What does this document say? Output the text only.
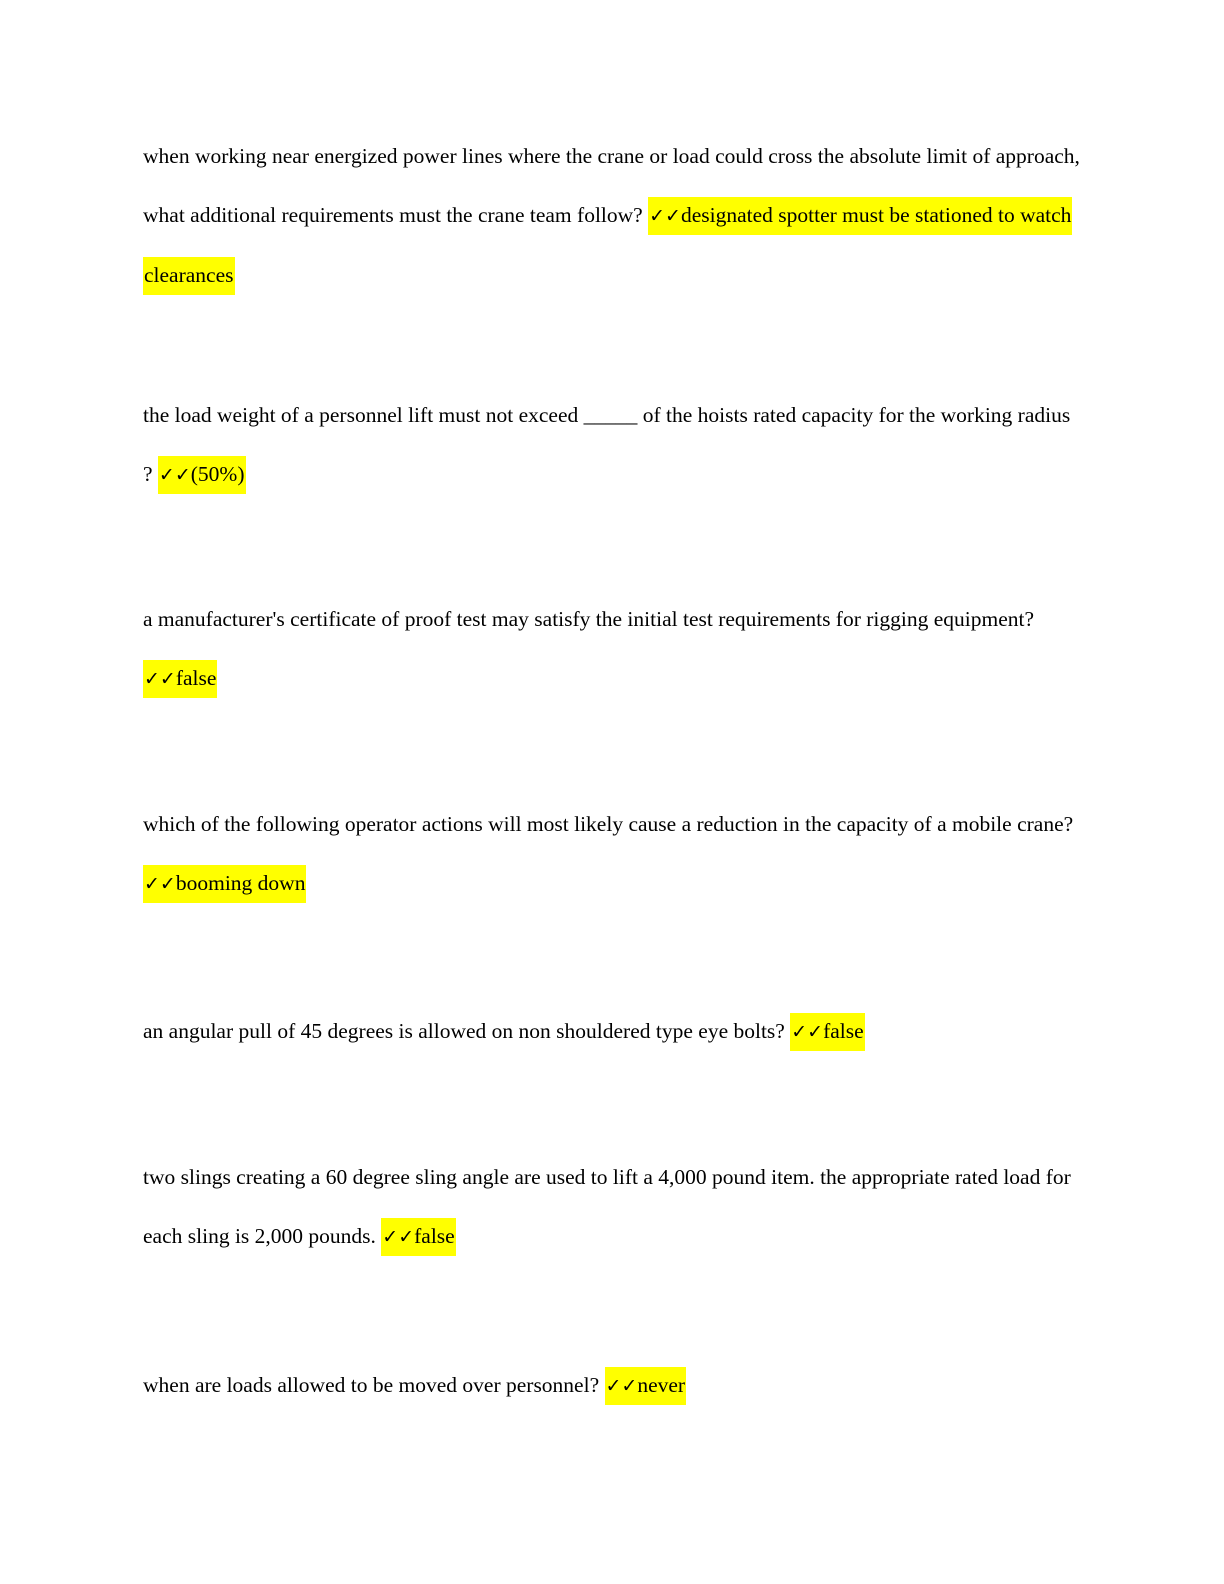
when working near energized power lines where the crane or load could cross the absolute limit of approach, what additional requirements must the crane team follow? ✓✓designated spotter must be stationed to watch clearances

the load weight of a personnel lift must not exceed _____ of the hoists rated capacity for the working radius ? ✓✓(50%)

a manufacturer's certificate of proof test may satisfy the initial test requirements for rigging equipment? ✓✓false

which of the following operator actions will most likely cause a reduction in the capacity of a mobile crane? ✓✓booming down

an angular pull of 45 degrees is allowed on non shouldered type eye bolts? ✓✓false

two slings creating a 60 degree sling angle are used to lift a 4,000 pound item. the appropriate rated load for each sling is 2,000 pounds. ✓✓false

when are loads allowed to be moved over personnel? ✓✓never
